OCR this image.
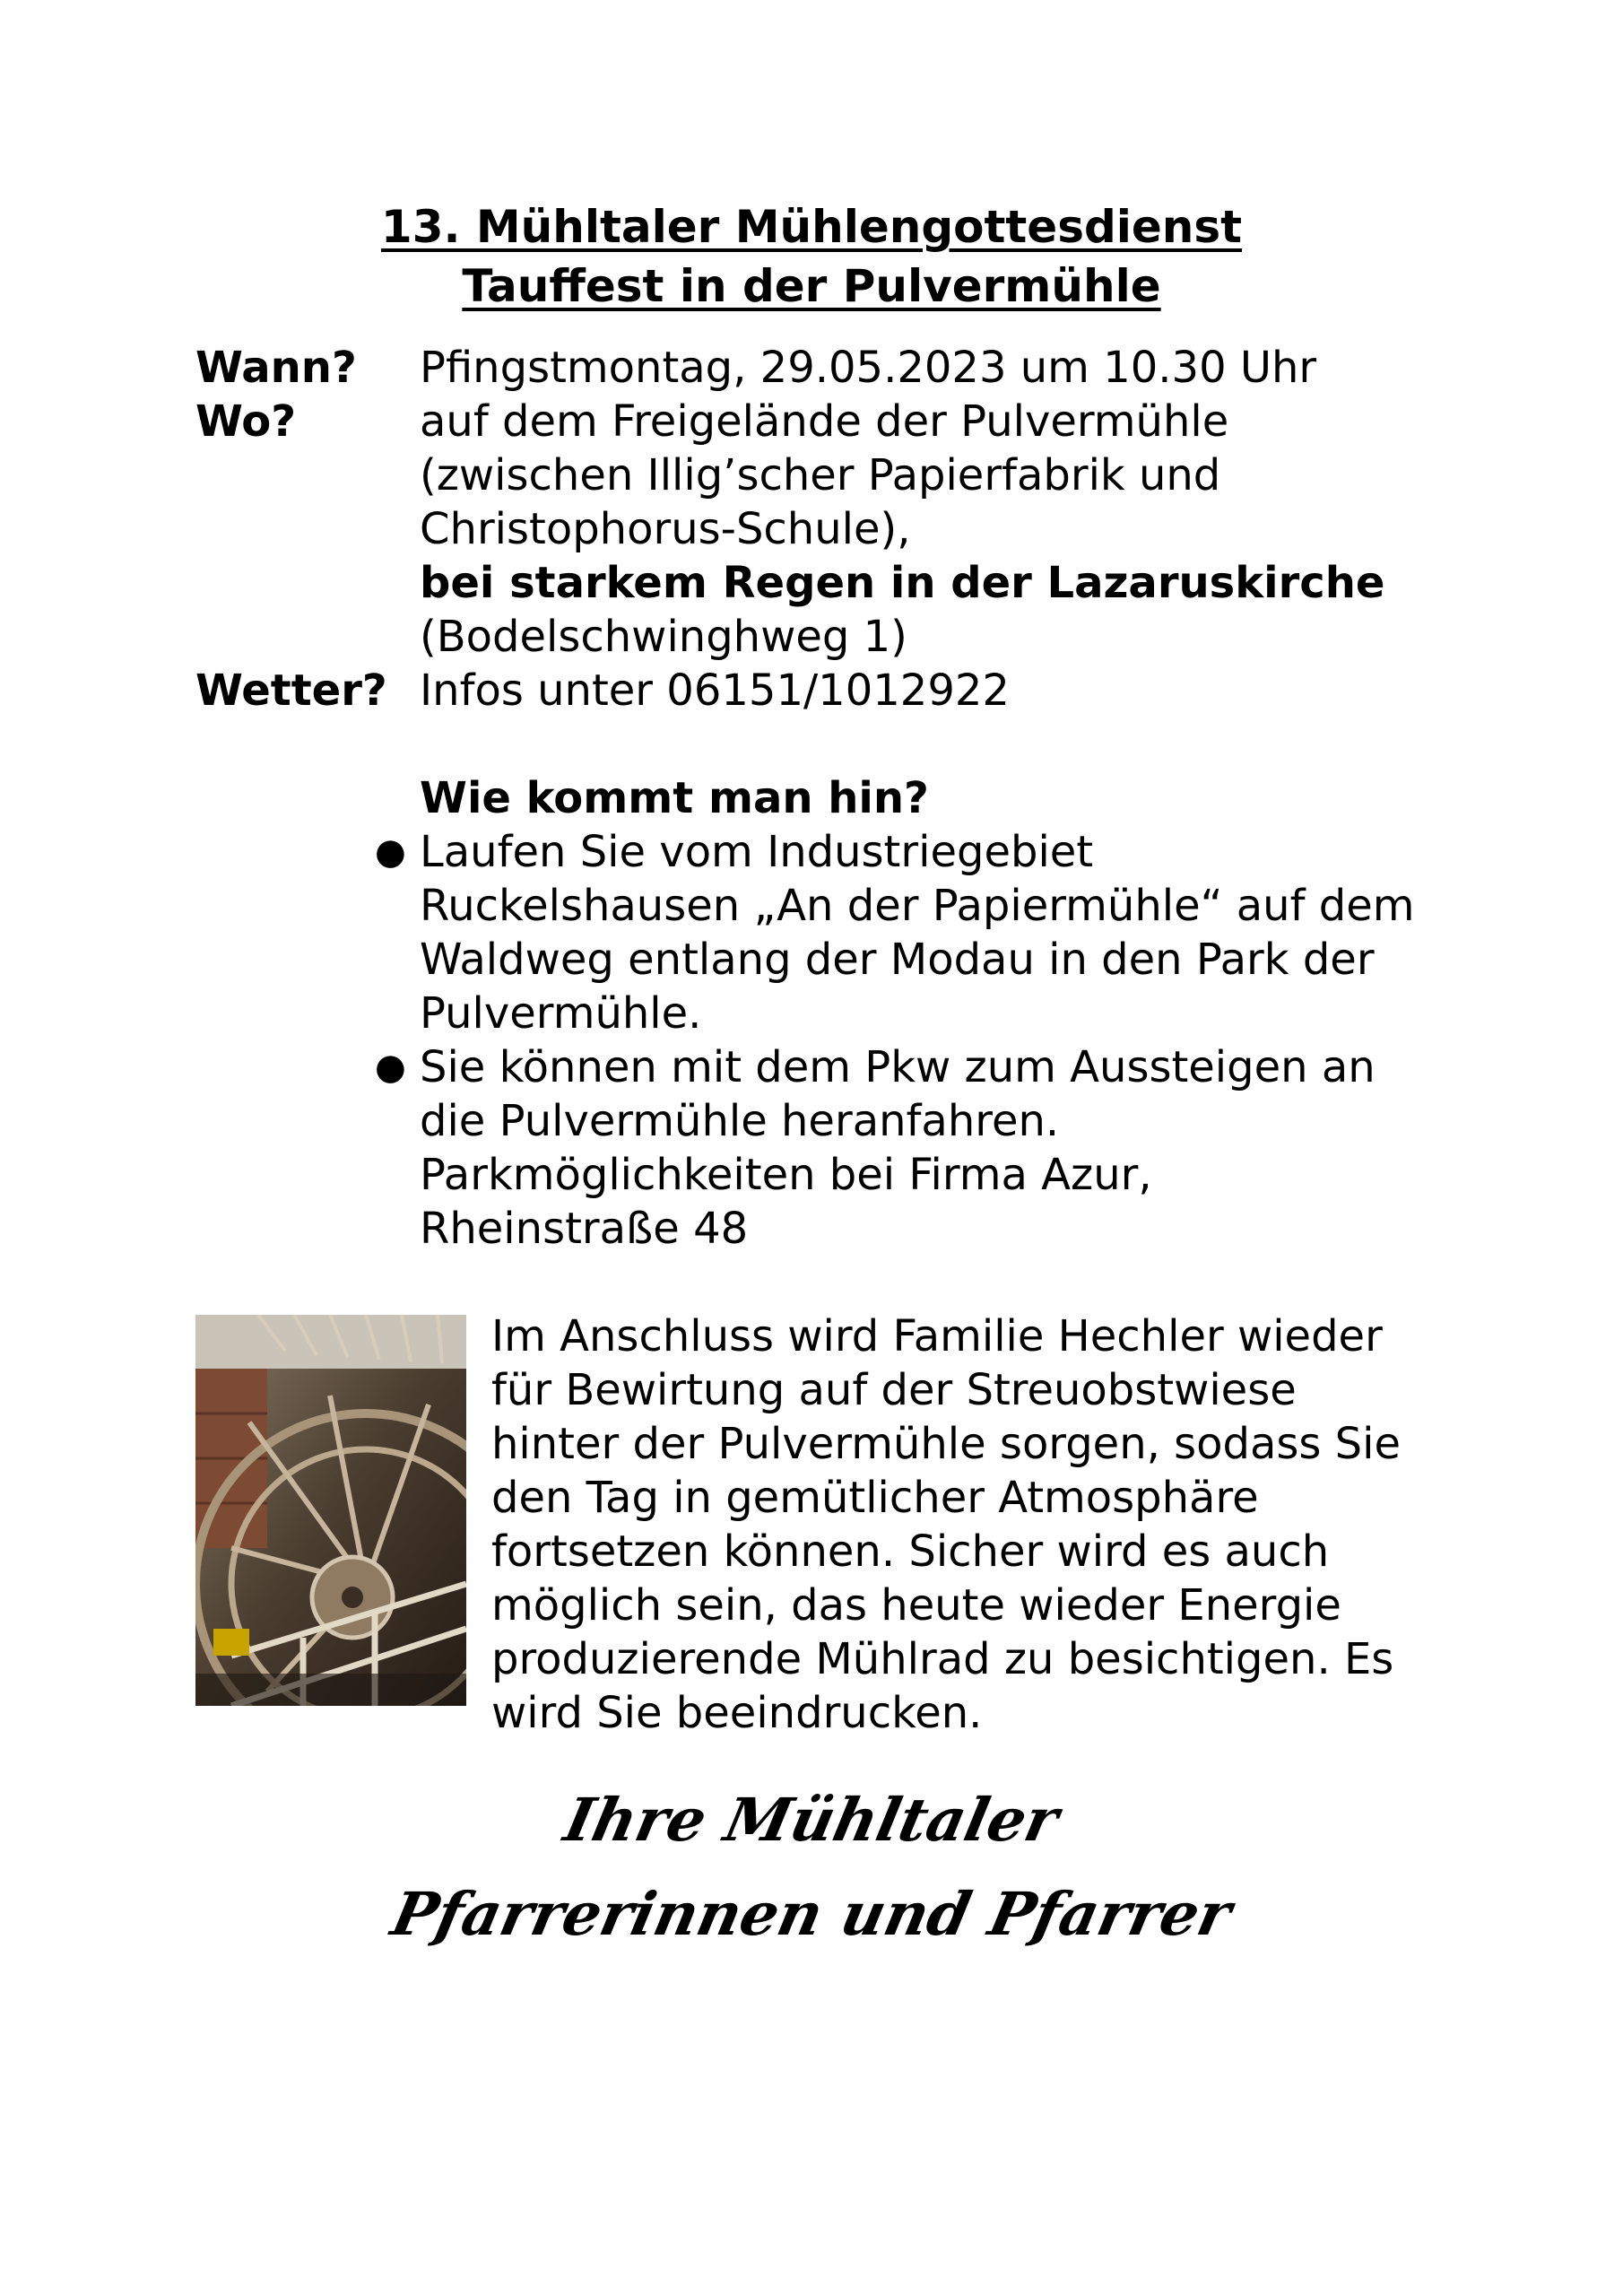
13. Mühltaler Mühlengottesdienst
Tauffest in der Pulvermühle

Wann? Pfingstmontag, 29.05.2023 um 10.30 Uhr

Wo?	auf dem Freigelände der Pulvermühle

(zwischen Illig’scher Papierfabrik und

Christophorus-Schule),

bei starkem Regen in der Lazaruskirche

(Bodelschwinghweg 1)

Wetter? Infos unter 06151/1012922

Wie kommt man hin?

● Laufen Sie vom Industriegebiet

Ruckelshausen „An der Papiermühle“ auf dem

Waldweg entlang der Modau in den Park der

Pulvermühle.

● Sie können mit dem Pkw zum Aussteigen an

die Pulvermühle heranfahren.

Parkmöglichkeiten bei Firma Azur,

Rheinstraße 48

Im Anschluss wird Familie Hechler wieder

für Bewirtung auf der Streuobstwiese

hinter der Pulvermühle sorgen, sodass Sie

den Tag in gemütlicher Atmosphäre

fortsetzen können. Sicher wird es auch

möglich sein, das heute wieder Energie

produzierende Mühlrad zu besichtigen. Es

wird Sie beeindrucken.

Ihre Mühltaler

Pfarrerinnen und Pfarrer
